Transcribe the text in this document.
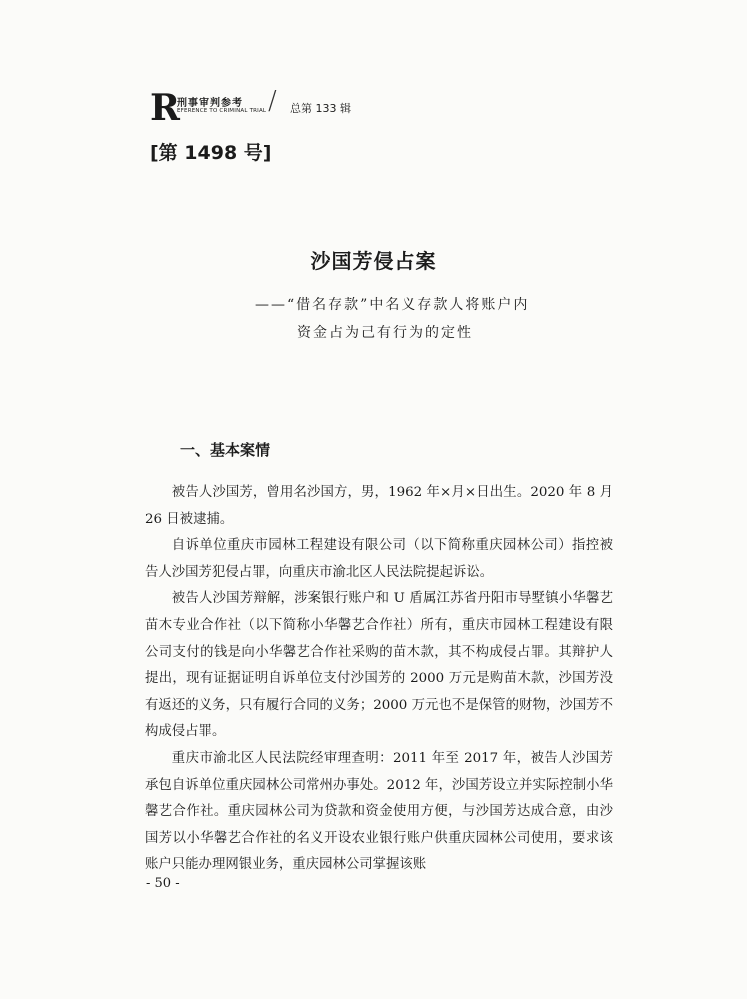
R
刑事审判参考
EFERENCE TO CRIMINAL TRIAL / 总第 133 辑
[第 1498 号]
沙国芳侵占案
——“借名存款”中名义存款人将账户内
资金占为己有行为的定性
一、基本案情

被告人沙国芳，曾用名沙国方，男，1962 年×月×日出生。2020 年 8 月 26 日被逮捕。

自诉单位重庆市园林工程建设有限公司（以下简称重庆园林公司）指控被告人沙国芳犯侵占罪，向重庆市渝北区人民法院提起诉讼。

被告人沙国芳辩解，涉案银行账户和 U 盾属江苏省丹阳市导墅镇小华馨艺苗木专业合作社（以下简称小华馨艺合作社）所有，重庆市园林工程建设有限公司支付的钱是向小华馨艺合作社采购的苗木款，其不构成侵占罪。其辩护人提出，现有证据证明自诉单位支付沙国芳的 2000 万元是购苗木款，沙国芳没有返还的义务，只有履行合同的义务；2000 万元也不是保管的财物，沙国芳不构成侵占罪。

重庆市渝北区人民法院经审理查明：2011 年至 2017 年，被告人沙国芳承包自诉单位重庆园林公司常州办事处。2012 年，沙国芳设立并实际控制小华馨艺合作社。重庆园林公司为贷款和资金使用方便，与沙国芳达成合意，由沙国芳以小华馨艺合作社的名义开设农业银行账户供重庆园林公司使用，要求该账户只能办理网银业务，重庆园林公司掌握该账

- 50 -
